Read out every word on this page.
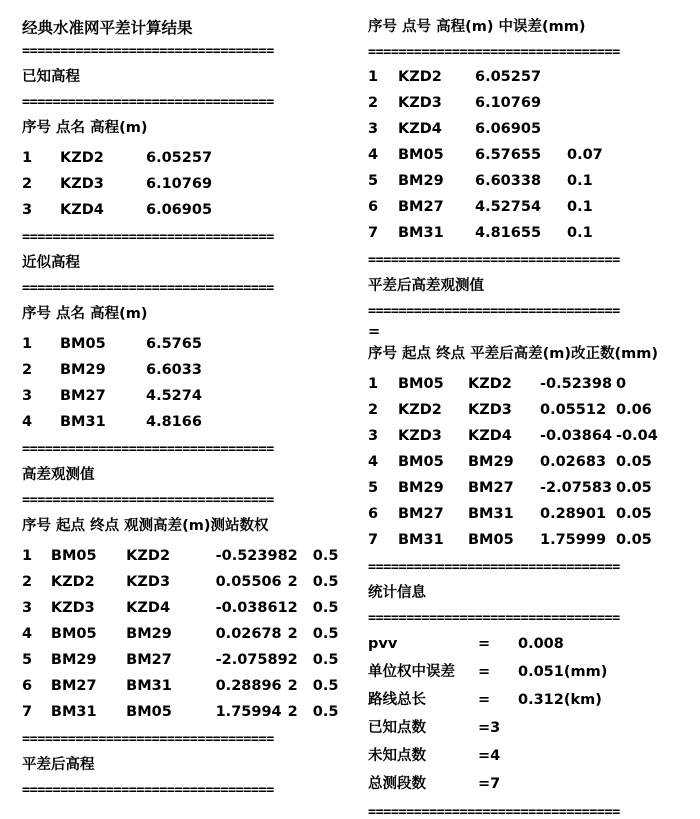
经典水准网平差计算结果
=================================
已知高程
=================================
序号 点名 高程(m)
1	KZD2	6.05257
2	KZD3	6.10769
3	KZD4	6.06905
=================================
近似高程
=================================
序号 点名 高程(m)
1	BM05	6.5765
2	BM29	6.6033
3	BM27	4.5274
4	BM31	4.8166
=================================
高差观测值
=================================
序号 起点 终点 观测高差(m)测站数权
1	BM05	KZD2	-0.52398	2	0.5
2	KZD2	KZD3	0.05506	2	0.5
3	KZD3	KZD4	-0.03861	2	0.5
4	BM05	BM29	0.02678	2	0.5
5	BM29	BM27	-2.07589	2	0.5
6	BM27	BM31	0.28896	2	0.5
7	BM31	BM05	1.75994	2	0.5
=================================
平差后高程
=================================
序号 点号 高程(m) 中误差(mm)
=================================
1	KZD2	6.05257	
2	KZD3	6.10769	
3	KZD4	6.06905	
4	BM05	6.57655	0.07
5	BM29	6.60338	0.1
6	BM27	4.52754	0.1
7	BM31	4.81655	0.1
=================================
平差后高差观测值
=================================
=
序号 起点 终点 平差后高差(m)改正数(mm)
1	BM05	KZD2	-0.52398	0
2	KZD2	KZD3	0.05512	0.06
3	KZD3	KZD4	-0.03864	-0.04
4	BM05	BM29	0.02683	0.05
5	BM29	BM27	-2.07583	0.05
6	BM27	BM31	0.28901	0.05
7	BM31	BM05	1.75999	0.05
=================================
统计信息
=================================
pvv	=	0.008
单位权中误差	=	0.051(mm)
路线总长	=	0.312(km)
已知点数	=3	
未知点数	=4	
总测段数	=7	
=================================
